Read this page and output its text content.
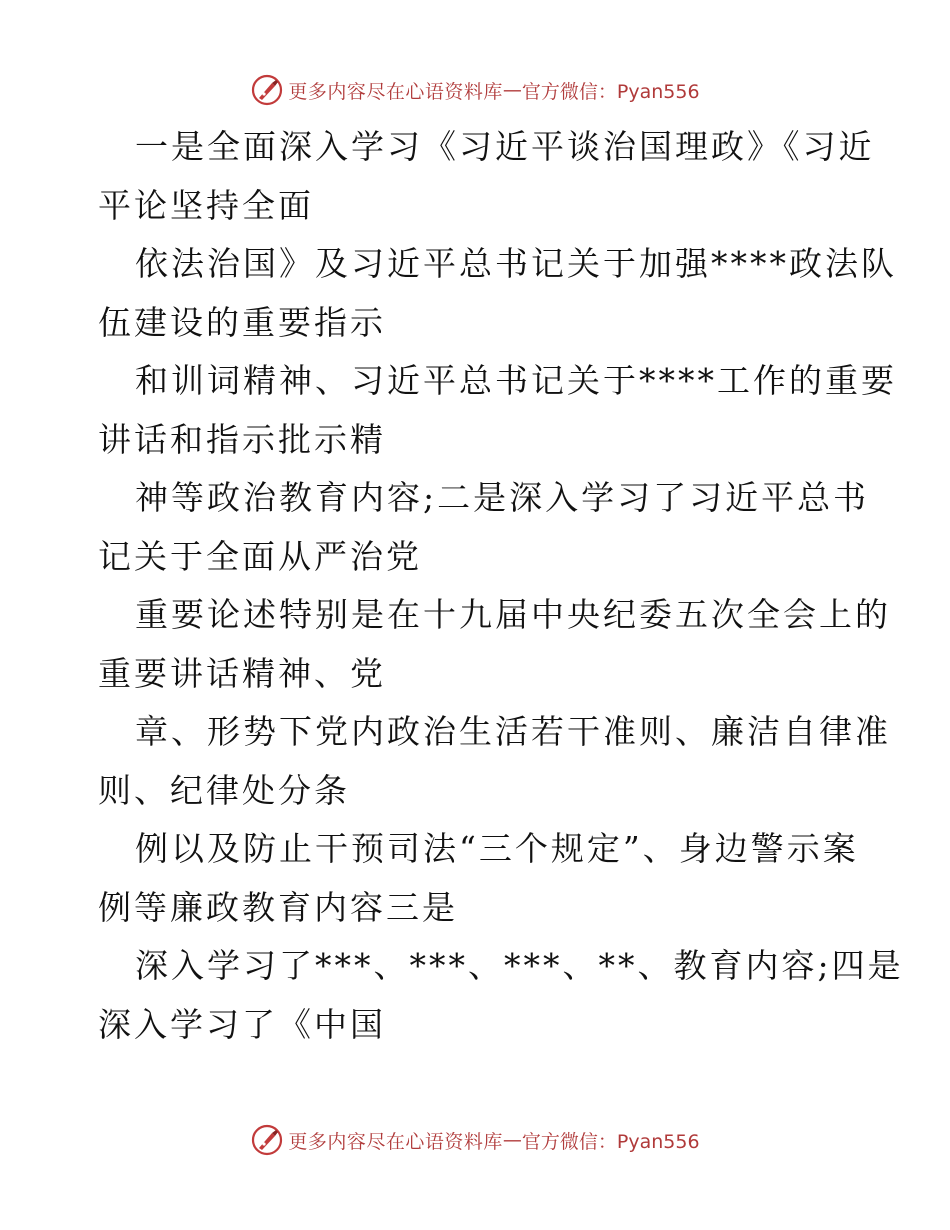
更多内容尽在心语资料库 — 官方微信：Pyan556
一是全面深入学习《习近平谈治国理政》《习近
平论坚持全面
依法治国》及习近平总书记关于加强****政法队
伍建设的重要指示
和训词精神、习近平总书记关于****工作的重要
讲话和指示批示精
神等政治教育内容;二是深入学习了习近平总书
记关于全面从严治党
重要论述特别是在十九届中央纪委五次全会上的
重要讲话精神、党
章、形势下党内政治生活若干准则、廉洁自律准
则、纪律处分条
例以及防止干预司法“三个规定”、身边警示案
例等廉政教育内容三是
深入学习了***、***、***、**、教育内容;四是
深入学习了《中国
更多内容尽在心语资料库 — 官方微信：Pyan556
